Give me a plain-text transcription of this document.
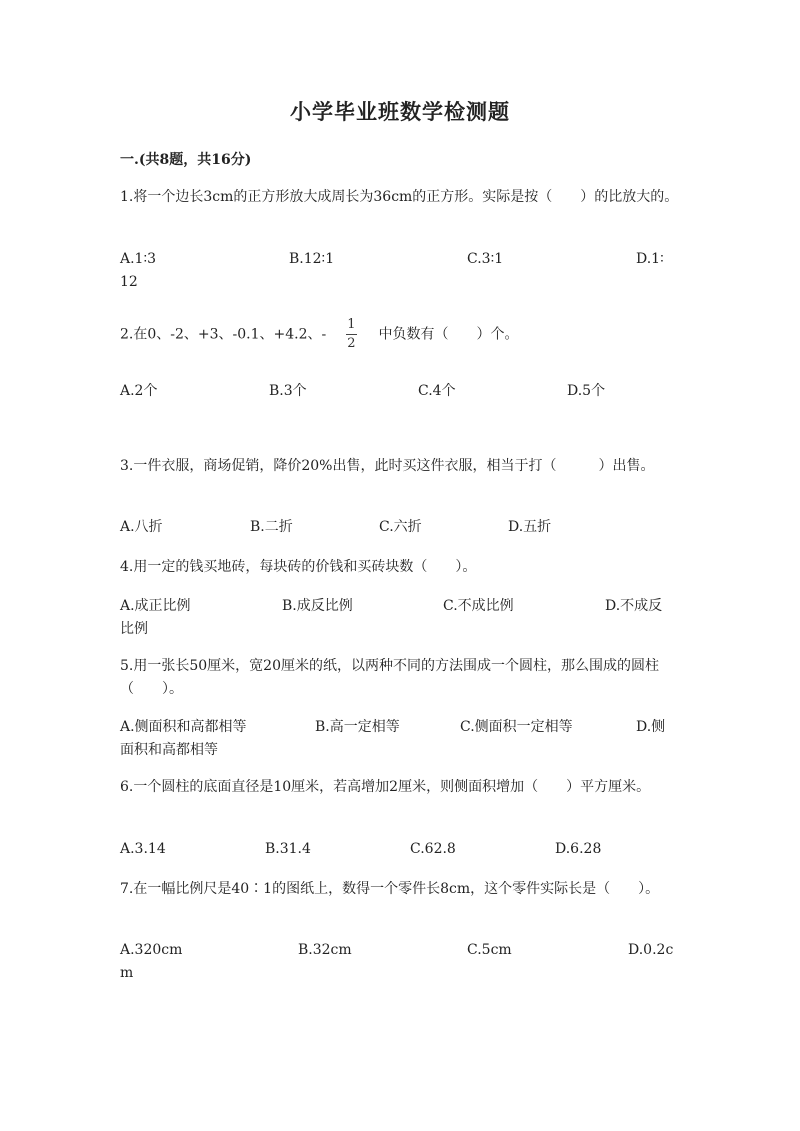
小学毕业班数学检测题
一.(共8题，共16分)
1.将一个边长3cm的正方形放大成周长为36cm的正方形。实际是按（　　）的比放大的。
A.1∶3	B.12∶1	C.3∶1	D.1∶
12
2.在0、-2、+3、-0.1、+4.2、- $\frac{1}{2}$ 中负数有（　　）个。
A.2个	B.3个	C.4个	D.5个
3.一件衣服，商场促销，降价20%出售，此时买这件衣服，相当于打（　　　）出售。
A.八折	B.二折	C.六折	D.五折
4.用一定的钱买地砖，每块砖的价钱和买砖块数（　　）。
A.成正比例	B.成反比例	C.不成比例	D.不成反
比例
5.用一张长50厘米，宽20厘米的纸，以两种不同的方法围成一个圆柱，那么围成的圆柱（　　）。
A.侧面积和高都相等	B.高一定相等	C.侧面积一定相等	D.侧
面积和高都相等
6.一个圆柱的底面直径是10厘米，若高增加2厘米，则侧面积增加（　　）平方厘米。
A.3.14	B.31.4	C.62.8	D.6.28
7.在一幅比例尺是40∶1的图纸上，数得一个零件长8cm，这个零件实际长是（　　）。
A.320cm	B.32cm	C.5cm	D.0.2c
m
